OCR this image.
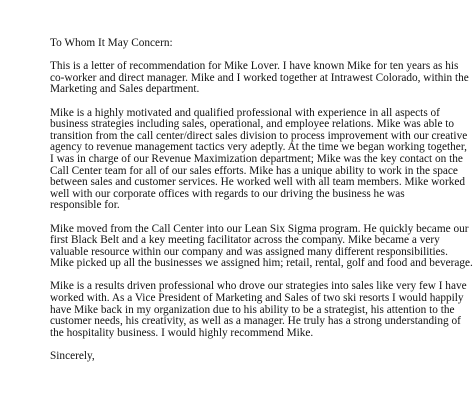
To Whom It May Concern:
This is a letter of recommendation for Mike Lover. I have known Mike for ten years as his
co-worker and direct manager. Mike and I worked together at Intrawest Colorado, within the
Marketing and Sales department.
Mike is a highly motivated and qualified professional with experience in all aspects of
business strategies including sales, operational, and employee relations. Mike was able to
transition from the call center/direct sales division to process improvement with our creative
agency to revenue management tactics very adeptly. At the time we began working together,
I was in charge of our Revenue Maximization department; Mike was the key contact on the
Call Center team for all of our sales efforts. Mike has a unique ability to work in the space
between sales and customer services. He worked well with all team members. Mike worked
well with our corporate offices with regards to our driving the business he was
responsible for.
Mike moved from the Call Center into our Lean Six Sigma program. He quickly became our
first Black Belt and a key meeting facilitator across the company. Mike became a very
valuable resource within our company and was assigned many different responsibilities.
Mike picked up all the businesses we assigned him; retail, rental, golf and food and beverage.
Mike is a results driven professional who drove our strategies into sales like very few I have
worked with. As a Vice President of Marketing and Sales of two ski resorts I would happily
have Mike back in my organization due to his ability to be a strategist, his attention to the
customer needs, his creativity, as well as a manager. He truly has a strong understanding of
the hospitality business. I would highly recommend Mike.
Sincerely,
